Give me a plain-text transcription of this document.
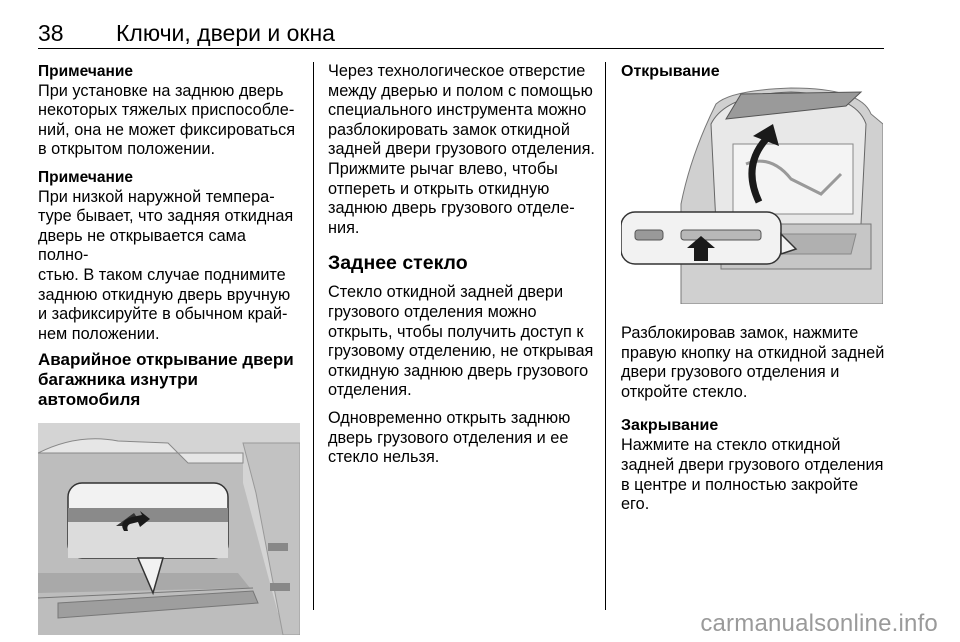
38 Ключи, двери и окна

Примечание

При установке на заднюю дверь

некоторых тяжелых приспособле-

ний, она не может фиксироваться

в открытом положении.

Примечание

При низкой наружной темпера-

туре бывает, что задняя откидная

дверь не открывается сама полно-

стью. В таком случае поднимите

заднюю откидную дверь вручную

и зафиксируйте в обычном край-

нем положении.

Аварийное открывание двери

багажника изнутри автомобиля

Через технологическое отверстие

между дверью и полом с помощью

специального инструмента можно

разблокировать замок откидной

задней двери грузового отделения.

Прижмите рычаг влево, чтобы

отпереть и открыть откидную

заднюю дверь грузового отделе-

ния.

Заднее стекло

Стекло откидной задней двери

грузового отделения можно

открыть, чтобы получить доступ к

грузовому отделению, не открывая

откидную заднюю дверь грузового

отделения.

Одновременно открыть заднюю

дверь грузового отделения и ее

стекло нельзя.

Открывание

Разблокировав замок, нажмите

правую кнопку на откидной задней

двери грузового отделения и

откройте стекло.

Закрывание

Нажмите на стекло откидной

задней двери грузового отделения

в центре и полностью закройте его.

carmanualsonline.info
